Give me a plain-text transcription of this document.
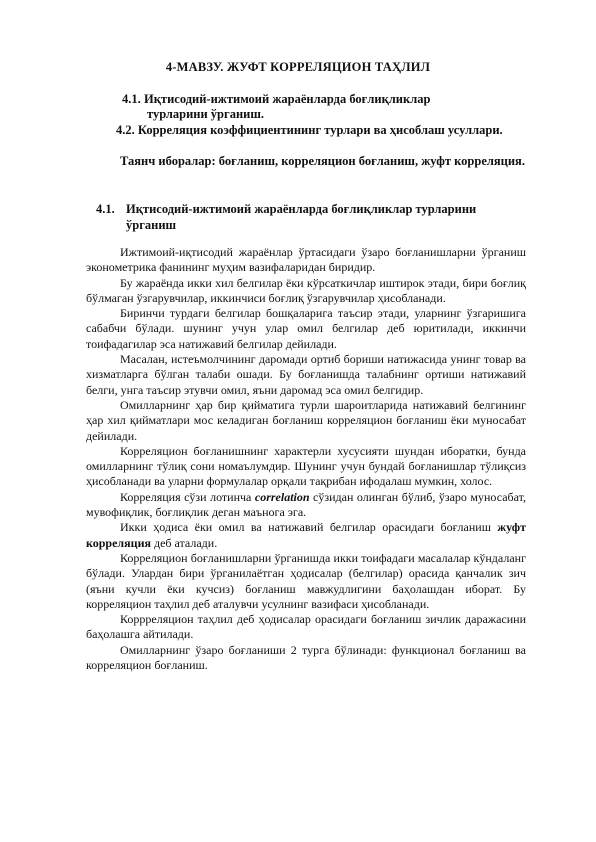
4-МАВЗУ. ЖУФТ КОРРЕЛЯЦИОН ТАҲЛИЛ
4.1. Иқтисодий-ижтимоий жараёнларда боғлиқликлар
турларини ўрганиш.
4.2. Корреляция коэффициентининг турлари ва ҳисоблаш усуллари.
Таянч иборалар: боғланиш, корреляцион боғланиш, жуфт корреляция.
4.1. Иқтисодий-ижтимоий жараёнларда боғлиқликлар турларини
ўрганиш

Ижтимоий-иқтисодий жараёнлар ўртасидаги ўзаро боғланишларни ўрганиш эконометрика фанининг муҳим вазифаларидан биридир.

Бу жараёнда икки хил белгилар ёки кўрсаткичлар иштирок этади, бири боғлиқ бўлмаган ўзгарувчилар, иккинчиси боғлиқ ўзгарувчилар ҳисобланади.

Биринчи турдаги белгилар бошқаларига таъсир этади, уларнинг ўзгаришига сабабчи бўлади. шунинг учун улар омил белгилар деб юритилади, иккинчи тоифадагилар эса натижавий белгилар дейилади.

Масалан, истеъмолчининг даромади ортиб бориши натижасида унинг товар ва хизматларга бўлган талаби ошади. Бу боғланишда талабнинг ортиши натижавий белги, унга таъсир этувчи омил, яъни даромад эса омил белгидир.

Омилларнинг ҳар бир қийматига турли шароитларида натижавий белгининг ҳар хил қийматлари мос келадиган боғланиш корреляцион боғланиш ёки муносабат дейилади.

Корреляцион боғланишнинг характерли хусусияти шундан иборатки, бунда омилларнинг тўлиқ сони номаълумдир. Шунинг учун бундай боғланишлар тўлиқсиз ҳисобланади ва уларни формулалар орқали тақрибан ифодалаш мумкин, холос.

Корреляция сўзи лотинча correlation сўзидан олинган бўлиб, ўзаро муносабат, мувофиқлик, боғлиқлик деган маънога эга.

Икки ҳодиса ёки омил ва натижавий белгилар орасидаги боғланиш жуфт корреляция деб аталади.

Корреляцион боғланишларни ўрганишда икки тоифадаги масалалар кўндаланг бўлади. Улардан бири ўрганилаётган ҳодисалар (белгилар) орасида қанчалик зич (яъни кучли ёки кучсиз) боғланиш мавжудлигини баҳолашдан иборат. Бу корреляцион таҳлил деб аталувчи усулнинг вазифаси ҳисобланади.

Коррреляцион таҳлил деб ҳодисалар орасидаги боғланиш зичлик даражасини баҳолашга айтилади.

Омилларнинг ўзаро боғланиши 2 турга бўлинади: функционал боғланиш ва корреляцион боғланиш.
